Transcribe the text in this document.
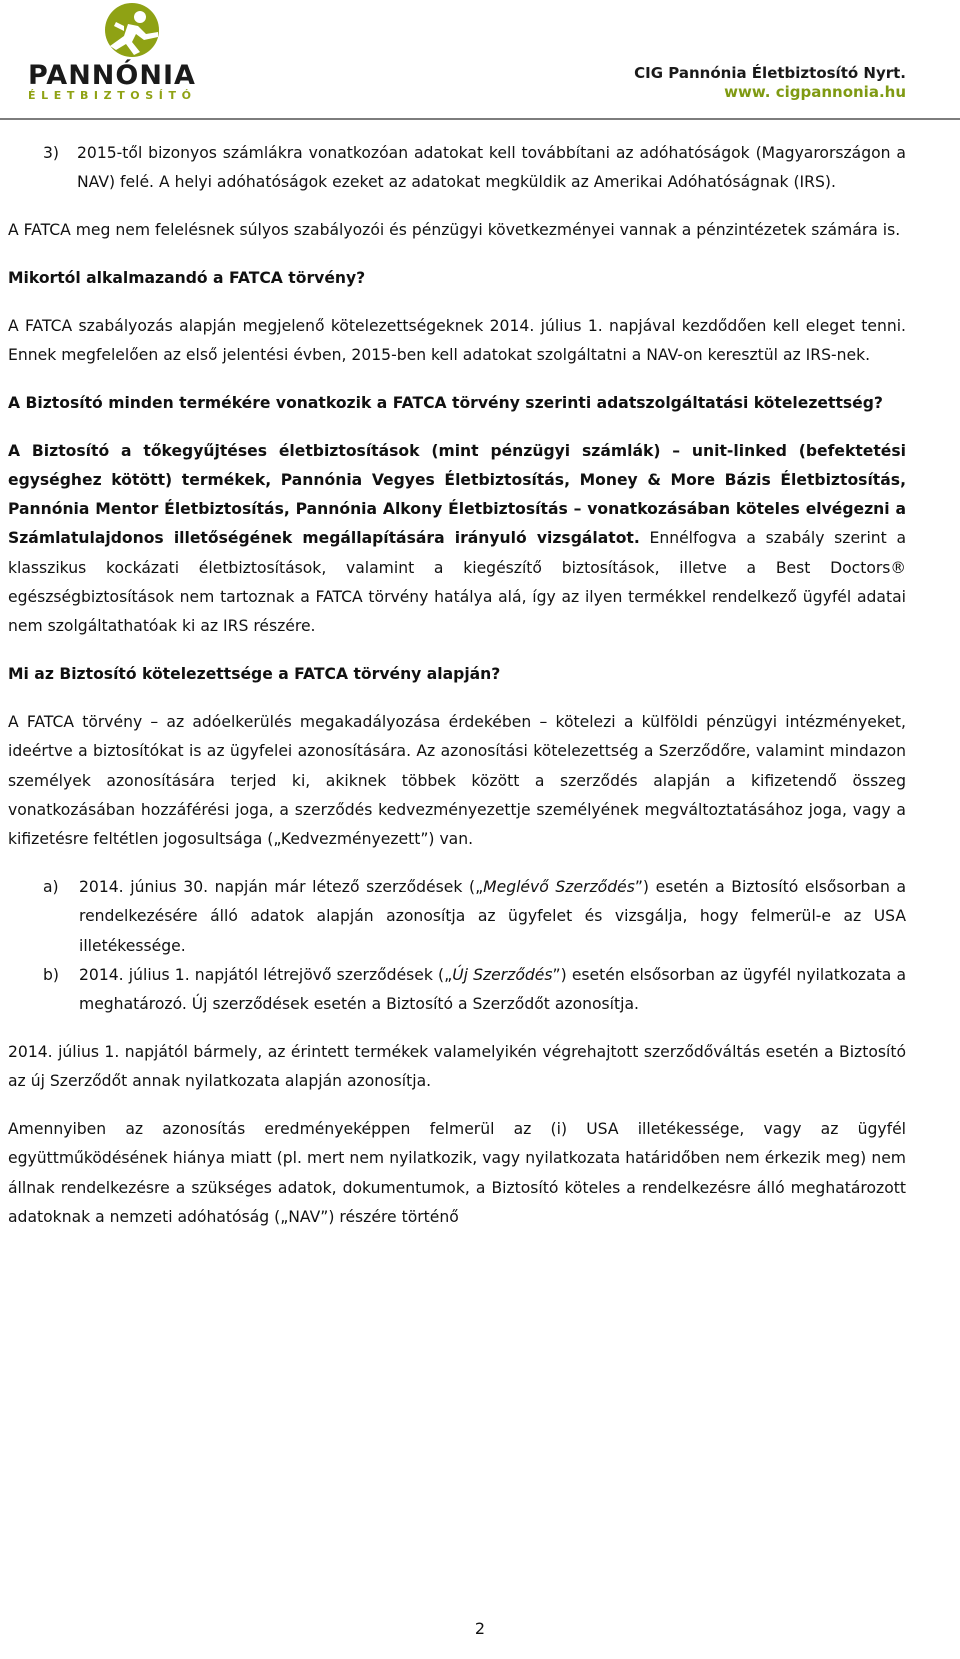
PANNÓNIA
ÉLETBIZTOSÍTÓ
CIG Pannónia Életbiztosító Nyrt.
www. cigpannonia.hu
3)	2015-től bizonyos számlákra vonatkozóan adatokat kell továbbítani az adóhatóságok (Magyarországon a NAV) felé. A helyi adóhatóságok ezeket az adatokat megküldik az Amerikai Adóhatóságnak (IRS).

A FATCA meg nem felelésnek súlyos szabályozói és pénzügyi következményei vannak a pénzintézetek számára is.

Mikortól alkalmazandó a FATCA törvény?

A FATCA szabályozás alapján megjelenő kötelezettségeknek 2014. július 1. napjával kezdődően kell eleget tenni. Ennek megfelelően az első jelentési évben, 2015-ben kell adatokat szolgáltatni a NAV-on keresztül az IRS-nek.

A Biztosító minden termékére vonatkozik a FATCA törvény szerinti adatszolgáltatási kötelezettség?

A Biztosító a tőkegyűjtéses életbiztosítások (mint pénzügyi számlák) – unit-linked (befektetési egységhez kötött) termékek, Pannónia Vegyes Életbiztosítás, Money & More Bázis Életbiztosítás, Pannónia Mentor Életbiztosítás, Pannónia Alkony Életbiztosítás – vonatkozásában köteles elvégezni a Számlatulajdonos illetőségének megállapítására irányuló vizsgálatot. Ennélfogva a szabály szerint a klasszikus kockázati életbiztosítások, valamint a kiegészítő biztosítások, illetve a Best Doctors® egészségbiztosítások nem tartoznak a FATCA törvény hatálya alá, így az ilyen termékkel rendelkező ügyfél adatai nem szolgáltathatóak ki az IRS részére.

Mi az Biztosító kötelezettsége a FATCA törvény alapján?

A FATCA törvény – az adóelkerülés megakadályozása érdekében – kötelezi a külföldi pénzügyi intézményeket, ideértve a biztosítókat is az ügyfelei azonosítására. Az azonosítási kötelezettség a Szerződőre, valamint mindazon személyek azonosítására terjed ki, akiknek többek között a szerződés alapján a kifizetendő összeg vonatkozásában hozzáférési joga, a szerződés kedvezményezettje személyének megváltoztatásához joga, vagy a kifizetésre feltétlen jogosultsága („Kedvezményezett”) van.

a)	2014. június 30. napján már létező szerződések („Meglévő Szerződés”) esetén a Biztosító elsősorban a rendelkezésére álló adatok alapján azonosítja az ügyfelet és vizsgálja, hogy felmerül-e az USA illetékessége.
b)	2014. július 1. napjától létrejövő szerződések („Új Szerződés”) esetén elsősorban az ügyfél nyilatkozata a meghatározó. Új szerződések esetén a Biztosító a Szerződőt azonosítja.

2014. július 1. napjától bármely, az érintett termékek valamelyikén végrehajtott szerződőváltás esetén a Biztosító az új Szerződőt annak nyilatkozata alapján azonosítja.

Amennyiben az azonosítás eredményeképpen felmerül az (i) USA illetékessége, vagy az ügyfél együttműködésének hiánya miatt (pl. mert nem nyilatkozik, vagy nyilatkozata határidőben nem érkezik meg) nem állnak rendelkezésre a szükséges adatok, dokumentumok, a Biztosító köteles a rendelkezésre álló meghatározott adatoknak a nemzeti adóhatóság („NAV”) részére történő

2
